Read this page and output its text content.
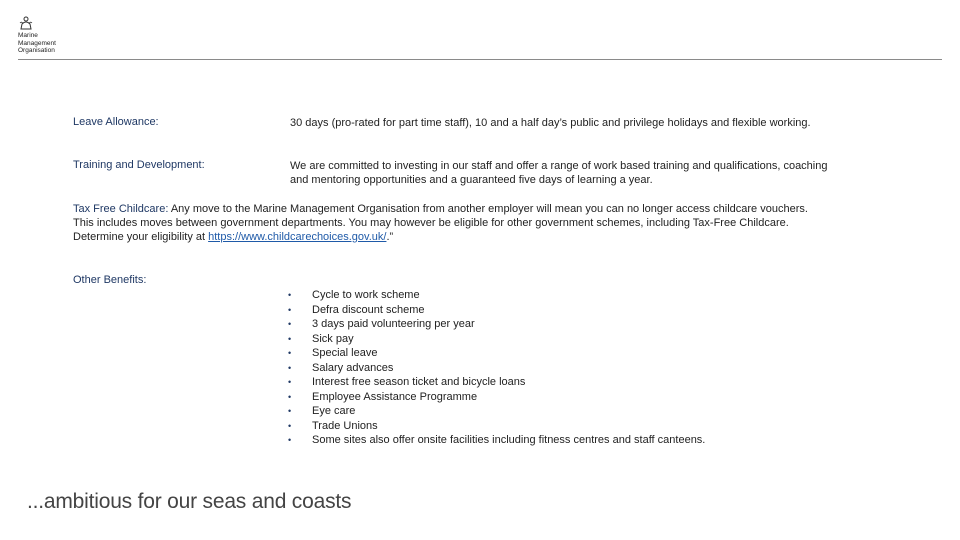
Marine
Management
Organisation
Leave Allowance:	30 days (pro-rated for part time staff), 10 and a half day’s public and privilege holidays and flexible working.
Training and Development:	We are committed to investing in our staff and offer a range of work based training and qualifications, coaching and mentoring opportunities and a guaranteed five days of learning a year.
Tax Free Childcare: Any move to the Marine Management Organisation from another employer will mean you can no longer access childcare vouchers. This includes moves between government departments. You may however be eligible for other government schemes, including Tax-Free Childcare. Determine your eligibility at https://www.childcarechoices.gov.uk/.”
Other Benefits:
• Cycle to work scheme
• Defra discount scheme
• 3 days paid volunteering per year
• Sick pay
• Special leave
• Salary advances
• Interest free season ticket and bicycle loans
• Employee Assistance Programme
• Eye care
• Trade Unions
• Some sites also offer onsite facilities including fitness centres and staff canteens.
...ambitious for our seas and coasts
